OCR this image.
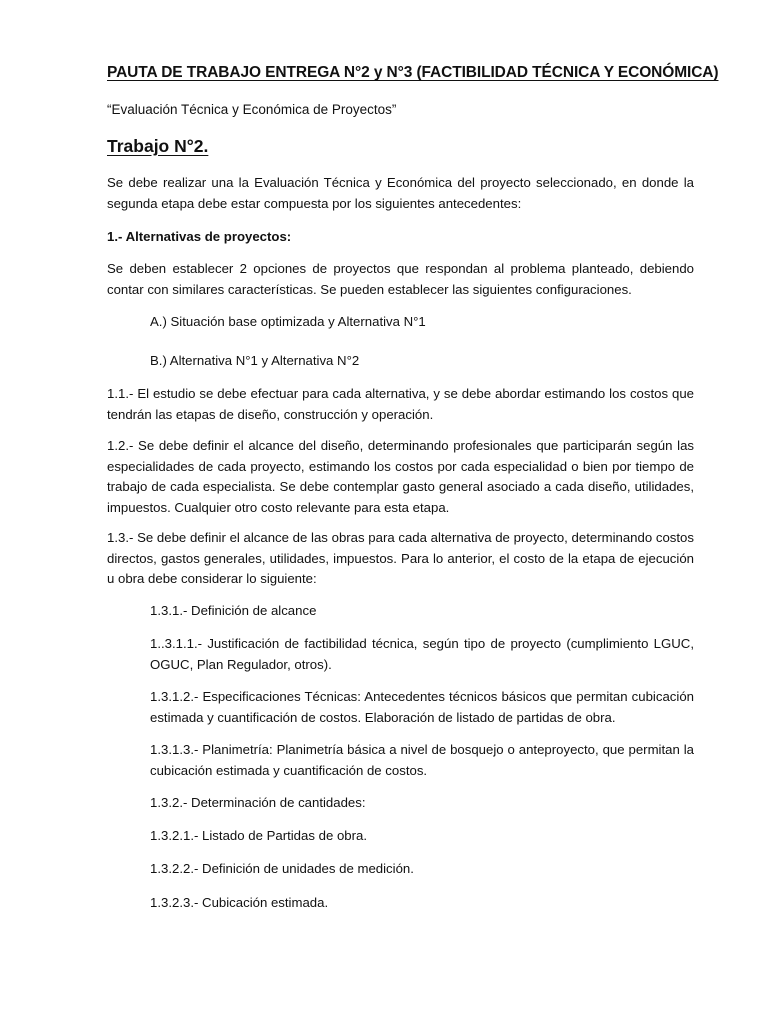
PAUTA DE TRABAJO ENTREGA N°2 y N°3 (FACTIBILIDAD TÉCNICA Y ECONÓMICA)

“Evaluación Técnica y Económica de Proyectos”

Trabajo N°2.

Se debe realizar una la Evaluación Técnica y Económica del proyecto seleccionado, en donde la segunda etapa debe estar compuesta por los siguientes antecedentes:

1.- Alternativas de proyectos:

Se deben establecer 2 opciones de proyectos que respondan al problema planteado, debiendo contar con similares características. Se pueden establecer las siguientes configuraciones.

A.) Situación base optimizada y Alternativa N°1

B.) Alternativa N°1 y Alternativa N°2

1.1.- El estudio se debe efectuar para cada alternativa, y se debe abordar estimando los costos que tendrán las etapas de diseño, construcción y operación.

1.2.- Se debe definir el alcance del diseño, determinando profesionales que participarán según las especialidades de cada proyecto, estimando los costos por cada especialidad o bien por tiempo de trabajo de cada especialista. Se debe contemplar gasto general asociado a cada diseño, utilidades, impuestos. Cualquier otro costo relevante para esta etapa.

1.3.- Se debe definir el alcance de las obras para cada alternativa de proyecto, determinando costos directos, gastos generales, utilidades, impuestos. Para lo anterior, el costo de la etapa de ejecución u obra debe considerar lo siguiente:

1.3.1.- Definición de alcance

1..3.1.1.- Justificación de factibilidad técnica, según tipo de proyecto (cumplimiento LGUC, OGUC, Plan Regulador, otros).

1.3.1.2.- Especificaciones Técnicas: Antecedentes técnicos básicos que permitan cubicación estimada y cuantificación de costos. Elaboración de listado de partidas de obra.

1.3.1.3.- Planimetría: Planimetría básica a nivel de bosquejo o anteproyecto, que permitan la cubicación estimada y cuantificación de costos.

1.3.2.- Determinación de cantidades:

1.3.2.1.- Listado de Partidas de obra.

1.3.2.2.- Definición de unidades de medición.

1.3.2.3.- Cubicación estimada.
